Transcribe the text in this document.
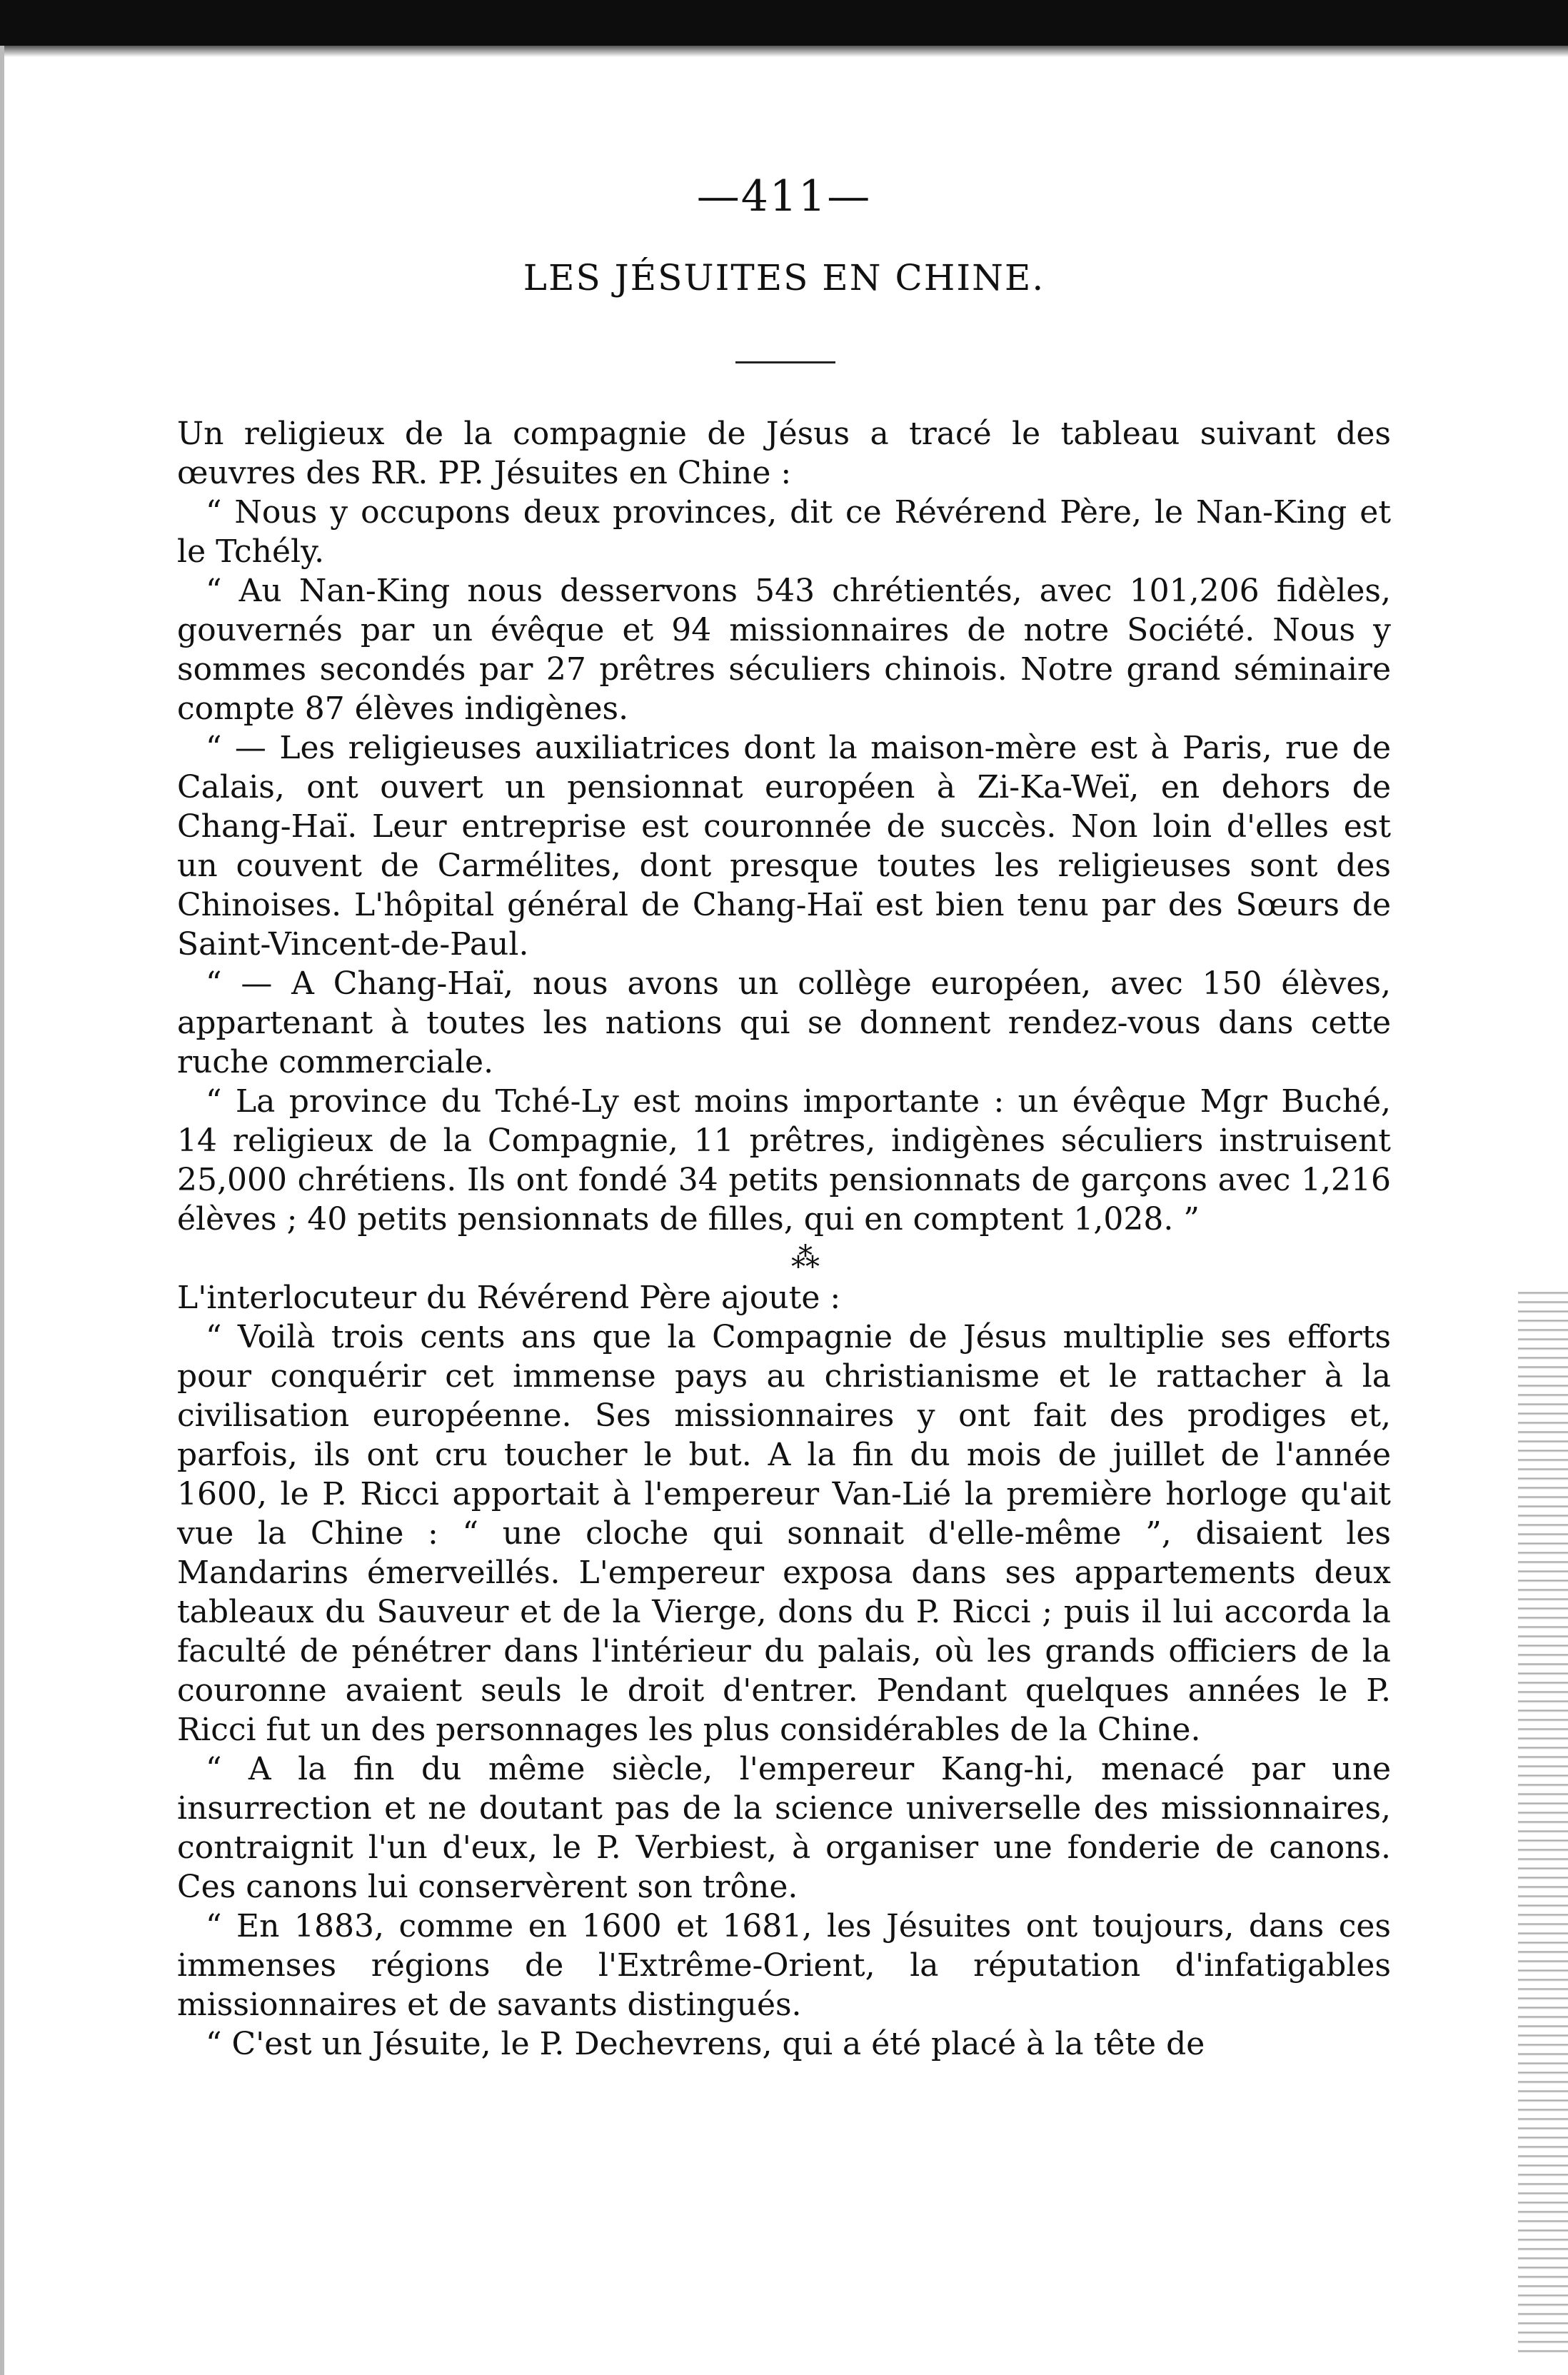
—411—
LES JÉSUITES EN CHINE.

Un religieux de la compagnie de Jésus a tracé le tableau suivant des œuvres des RR. PP. Jésuites en Chine :

“ Nous y occupons deux provinces, dit ce Révérend Père, le Nan-King et le Tchély.

“ Au Nan-King nous desservons 543 chrétientés, avec 101,206 fidèles, gouvernés par un évêque et 94 missionnaires de notre Société. Nous y sommes secondés par 27 prêtres séculiers chinois. Notre grand séminaire compte 87 élèves indigènes.

“ — Les religieuses auxiliatrices dont la maison-mère est à Paris, rue de Calais, ont ouvert un pensionnat européen à Zi-Ka-Weï, en dehors de Chang-Haï. Leur entreprise est couronnée de succès. Non loin d'elles est un couvent de Carmélites, dont presque toutes les religieuses sont des Chinoises. L'hôpital général de Chang-Haï est bien tenu par des Sœurs de Saint-Vincent-de-Paul.

“ — A Chang-Haï, nous avons un collège européen, avec 150 élèves, appartenant à toutes les nations qui se donnent rendez-vous dans cette ruche commerciale.

“ La province du Tché-Ly est moins importante : un évêque Mgr Buché, 14 religieux de la Compagnie, 11 prêtres, indigènes séculiers instruisent 25,000 chrétiens. Ils ont fondé 34 petits pensionnats de garçons avec 1,216 élèves ; 40 petits pensionnats de filles, qui en comptent 1,028. ”

⁂

L'interlocuteur du Révérend Père ajoute :

“ Voilà trois cents ans que la Compagnie de Jésus multiplie ses efforts pour conquérir cet immense pays au christianisme et le rattacher à la civilisation européenne. Ses missionnaires y ont fait des prodiges et, parfois, ils ont cru toucher le but. A la fin du mois de juillet de l'année 1600, le P. Ricci apportait à l'empereur Van-Lié la première horloge qu'ait vue la Chine : “ une cloche qui sonnait d'elle-même ”, disaient les Mandarins émerveillés. L'empereur exposa dans ses appartements deux tableaux du Sauveur et de la Vierge, dons du P. Ricci ; puis il lui accorda la faculté de pénétrer dans l'intérieur du palais, où les grands officiers de la couronne avaient seuls le droit d'entrer. Pendant quelques années le P. Ricci fut un des personnages les plus considérables de la Chine.

“ A la fin du même siècle, l'empereur Kang-hi, menacé par une insurrection et ne doutant pas de la science universelle des missionnaires, contraignit l'un d'eux, le P. Verbiest, à organiser une fonderie de canons. Ces canons lui conservèrent son trône.

“ En 1883, comme en 1600 et 1681, les Jésuites ont toujours, dans ces immenses régions de l'Extrême-Orient, la réputation d'infatigables missionnaires et de savants distingués.

“ C'est un Jésuite, le P. Dechevrens, qui a été placé à la tête de
